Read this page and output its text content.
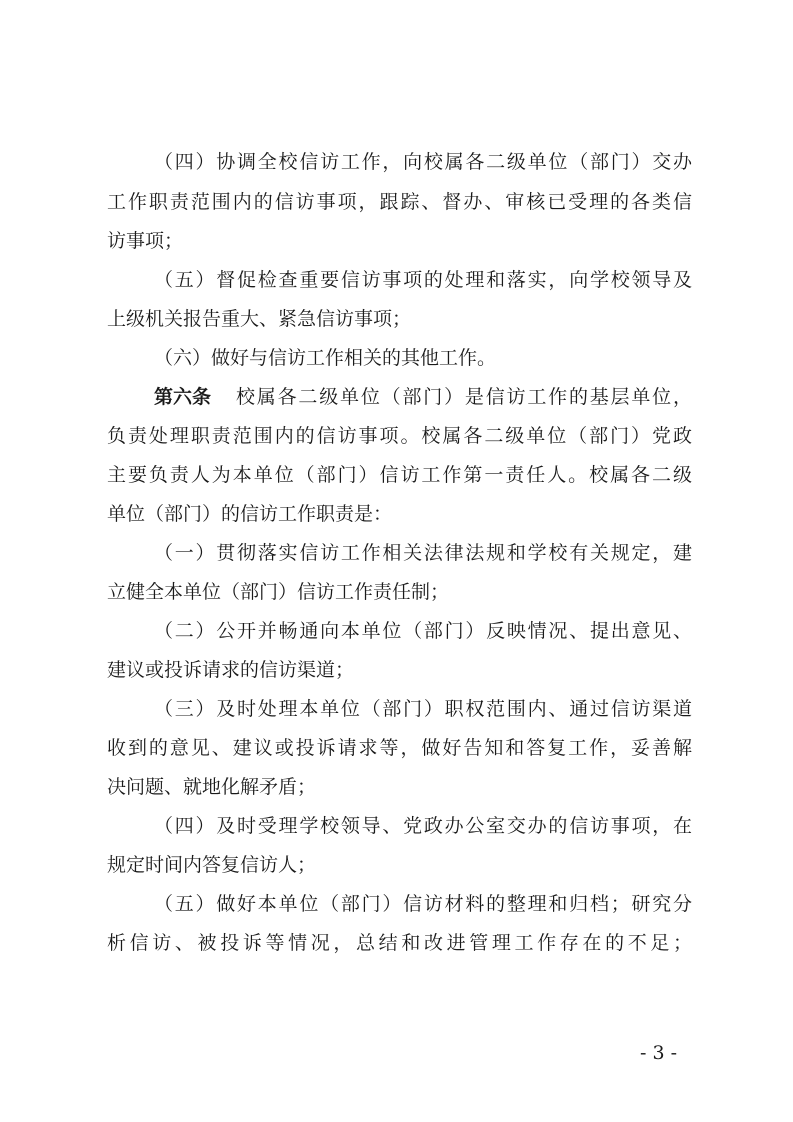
（四）协调全校信访工作，向校属各二级单位（部门）交办
工作职责范围内的信访事项，跟踪、督办、审核已受理的各类信
访事项；
（五）督促检查重要信访事项的处理和落实，向学校领导及
上级机关报告重大、紧急信访事项；
（六）做好与信访工作相关的其他工作。
第六条 校属各二级单位（部门）是信访工作的基层单位，
负责处理职责范围内的信访事项。校属各二级单位（部门）党政
主要负责人为本单位（部门）信访工作第一责任人。校属各二级
单位（部门）的信访工作职责是：
（一）贯彻落实信访工作相关法律法规和学校有关规定，建
立健全本单位（部门）信访工作责任制；
（二）公开并畅通向本单位（部门）反映情况、提出意见、
建议或投诉请求的信访渠道；
（三）及时处理本单位（部门）职权范围内、通过信访渠道
收到的意见、建议或投诉请求等，做好告知和答复工作，妥善解
决问题、就地化解矛盾；
（四）及时受理学校领导、党政办公室交办的信访事项，在
规定时间内答复信访人；
（五）做好本单位（部门）信访材料的整理和归档；研究分
析信访、被投诉等情况，总结和改进管理工作存在的不足；
- 3 -
